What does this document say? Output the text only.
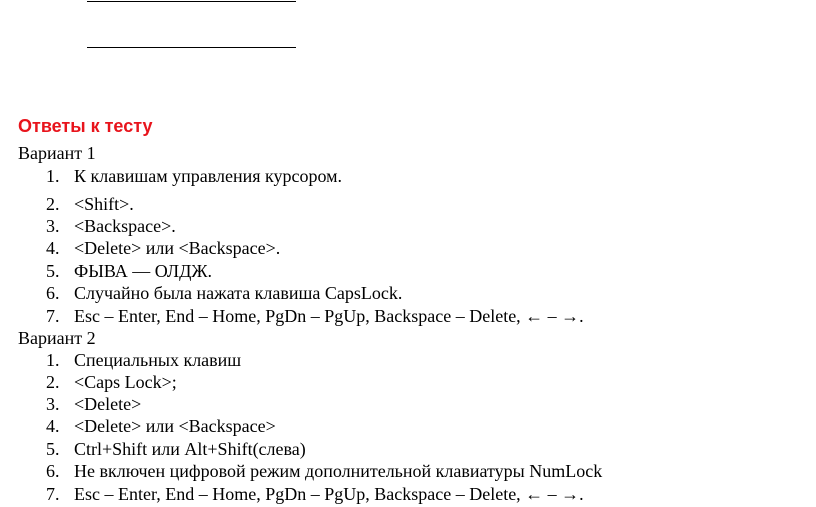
Ответы к тесту
Вариант 1
1. К клавишам управления курсором.
2. <Shift>.
3. <Backspace>.
4. <Delete> или <Backspace>.
5. ФЫВА — ОЛДЖ.
6. Случайно была нажата клавиша CapsLock.
7. Esc – Enter, End – Home, PgDn – PgUp, Backspace – Delete, ← – →.
Вариант 2
1. Специальных клавиш
2. <Caps Lock>;
3. <Delete>
4. <Delete> или <Backspace>
5. Ctrl+Shift или Alt+Shift(слева)
6. Не включен цифровой режим дополнительной клавиатуры NumLock
7. Esc – Enter, End – Home, PgDn – PgUp, Backspace – Delete, ← – →.
